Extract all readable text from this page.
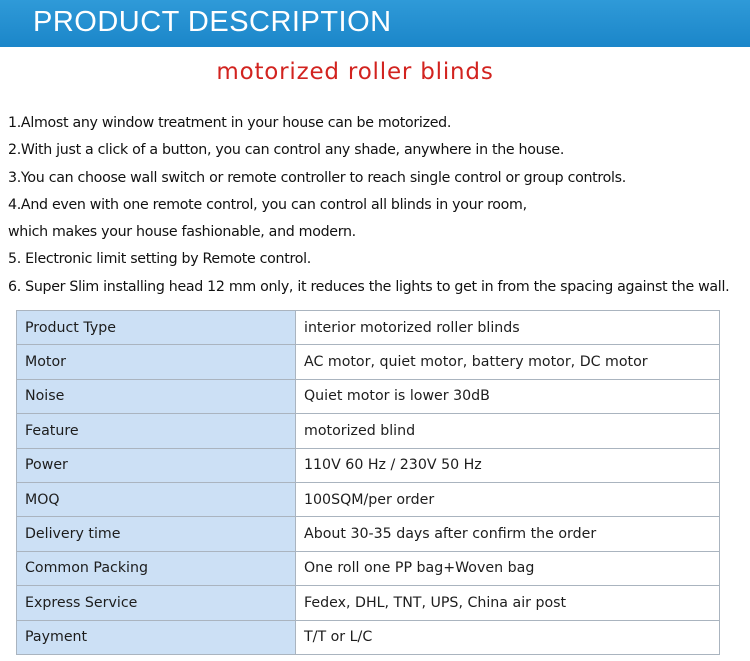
PRODUCT DESCRIPTION
motorized roller blinds
1.Almost any window treatment in your house can be motorized.
2.With just a click of a button, you can control any shade, anywhere in the house.
3.You can choose wall switch or remote controller to reach single control or group controls.
4.And even with one remote control, you can control all blinds in your room,
which makes your house fashionable, and modern.
5. Electronic limit setting by Remote control.
6. Super Slim installing head 12 mm only, it reduces the lights to get in from the spacing against the wall.
Product Type	interior motorized roller blinds
Motor	AC motor, quiet motor, battery motor, DC motor
Noise	Quiet motor is lower 30dB
Feature	motorized blind
Power	110V 60 Hz / 230V 50 Hz
MOQ	100SQM/per order
Delivery time	About 30-35 days after confirm the order
Common Packing	One roll one PP bag+Woven bag
Express Service	Fedex, DHL, TNT, UPS, China air post
Payment	T/T or L/C
